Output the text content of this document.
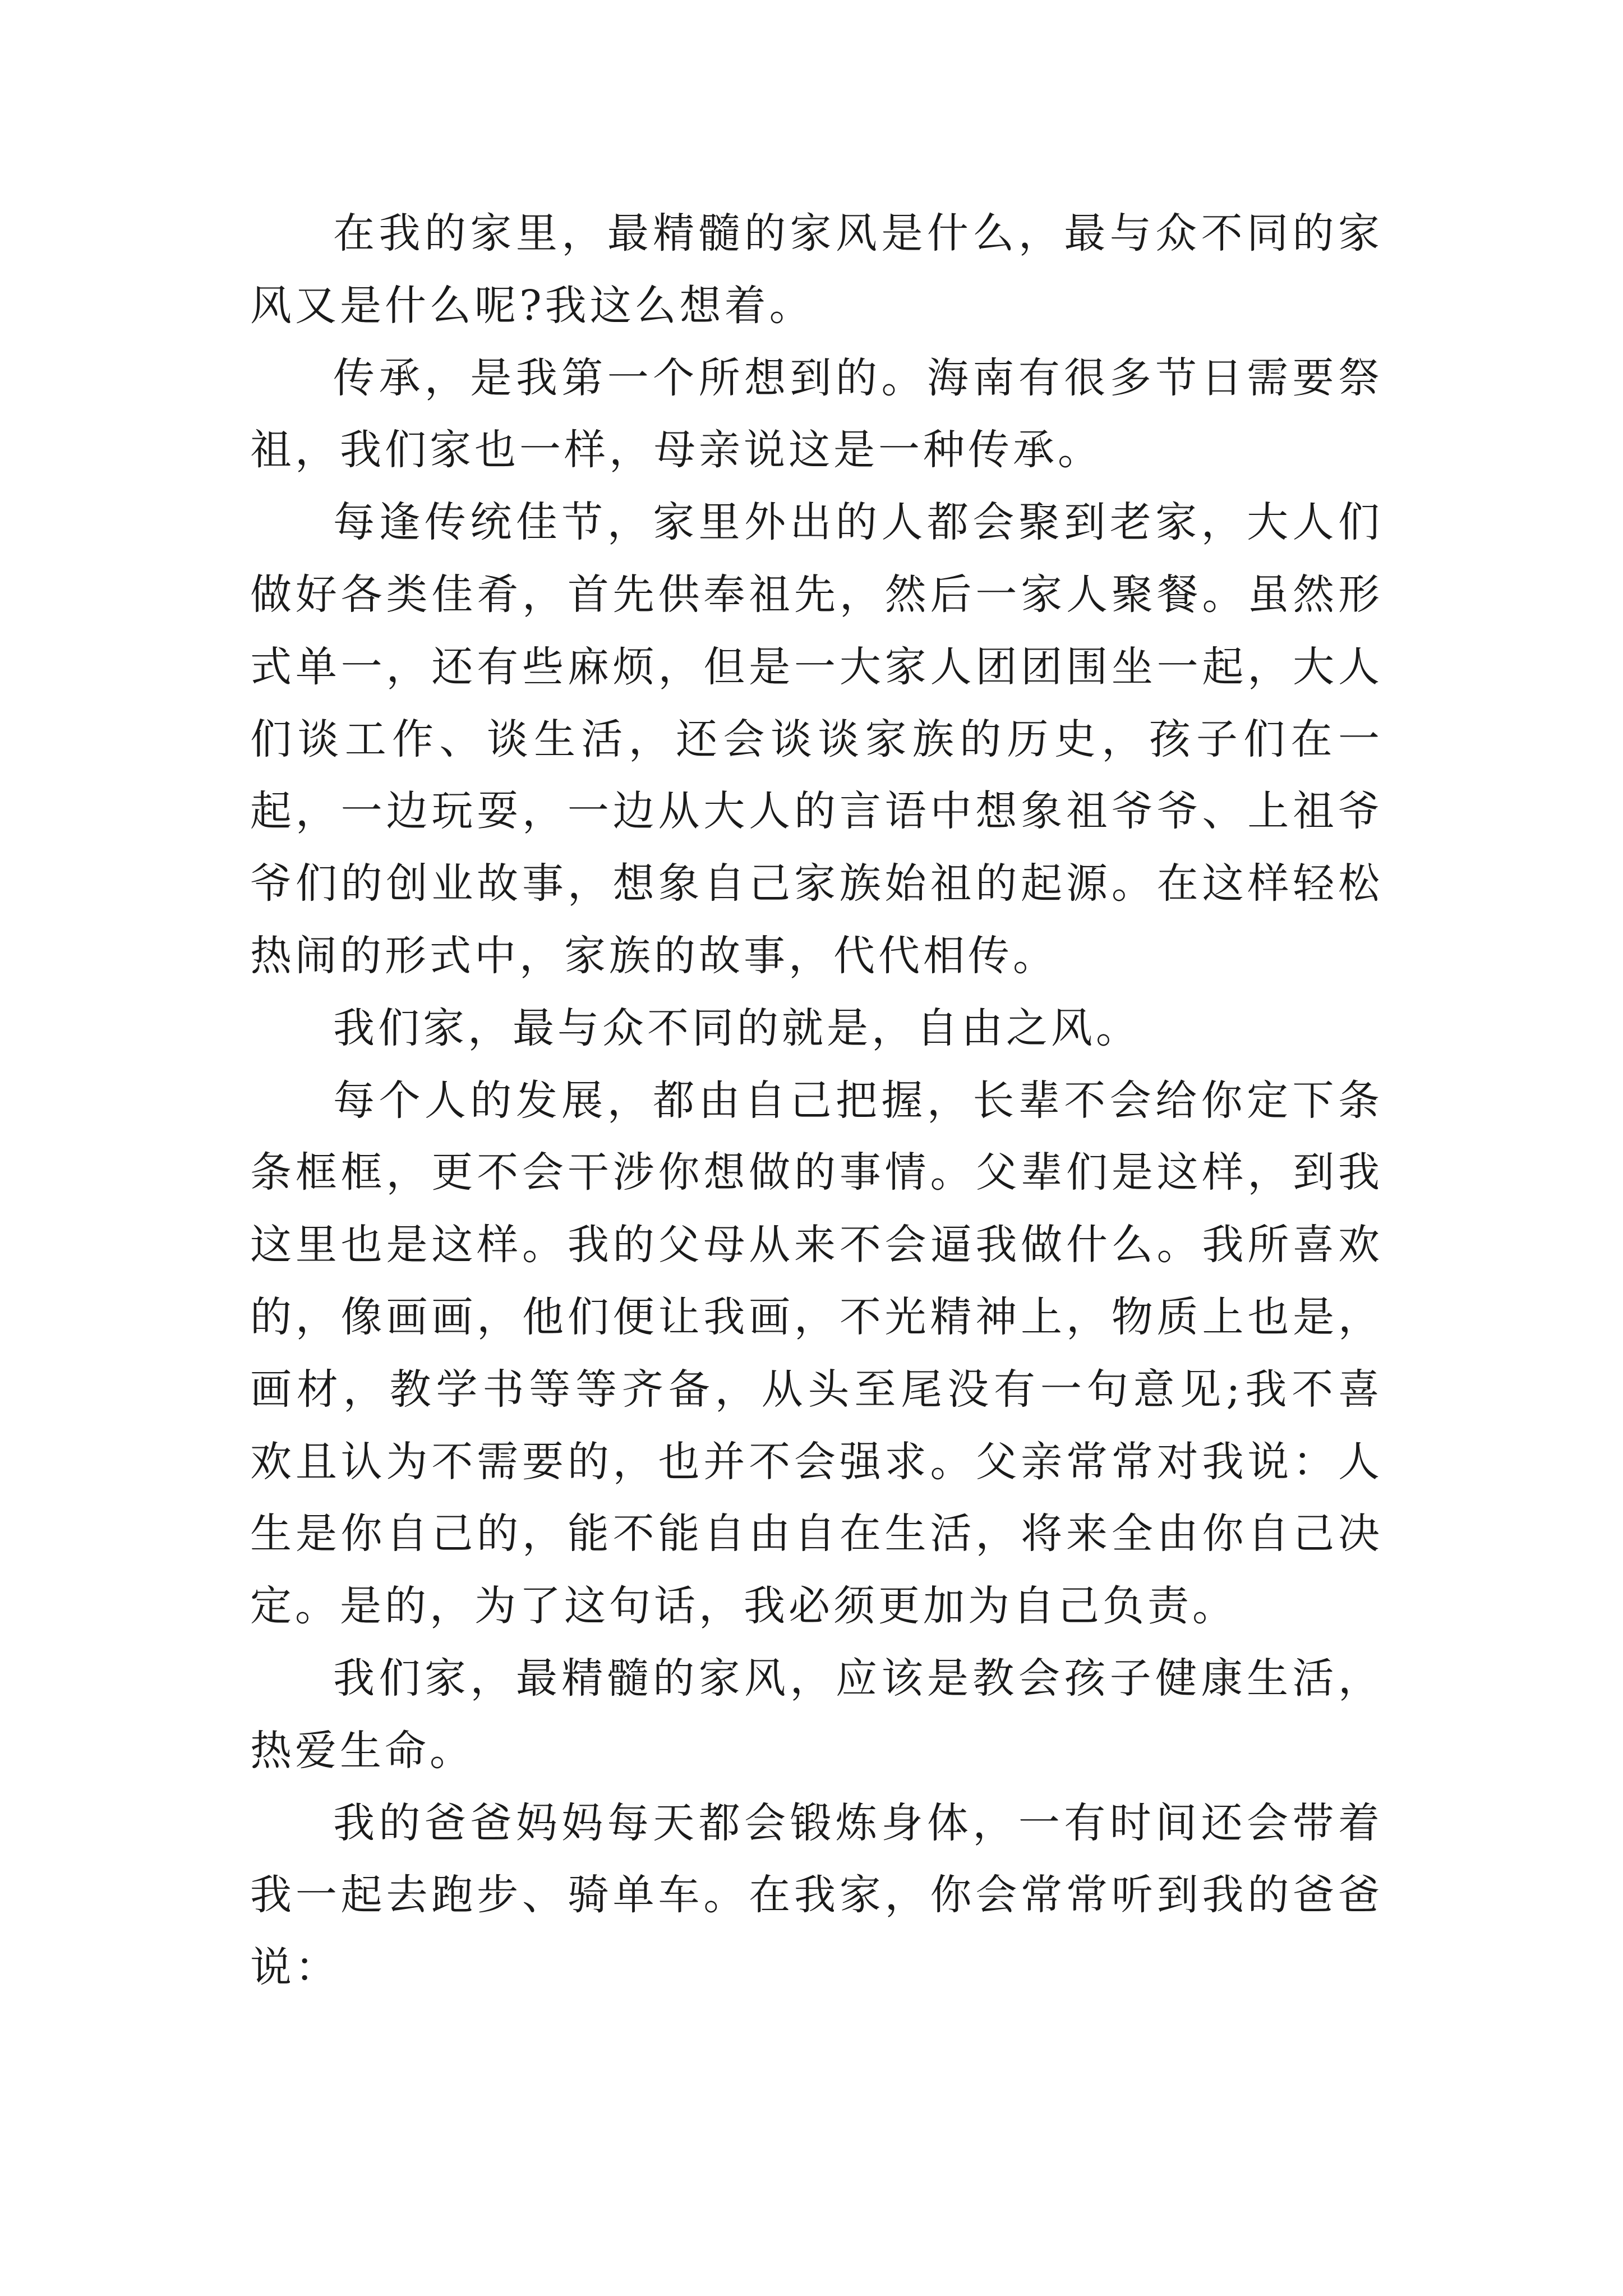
在我的家里，最精髓的家风是什么，最与众不同的家风又是什么呢?我这么想着。

传承，是我第一个所想到的。海南有很多节日需要祭祖，我们家也一样，母亲说这是一种传承。

每逢传统佳节，家里外出的人都会聚到老家，大人们做好各类佳肴，首先供奉祖先，然后一家人聚餐。虽然形式单一，还有些麻烦，但是一大家人团团围坐一起，大人们谈工作、谈生活，还会谈谈家族的历史，孩子们在一起，一边玩耍，一边从大人的言语中想象祖爷爷、上祖爷爷们的创业故事，想象自己家族始祖的起源。在这样轻松热闹的形式中，家族的故事，代代相传。

我们家，最与众不同的就是，自由之风。

每个人的发展，都由自己把握，长辈不会给你定下条条框框，更不会干涉你想做的事情。父辈们是这样，到我这里也是这样。我的父母从来不会逼我做什么。我所喜欢的，像画画，他们便让我画，不光精神上，物质上也是，画材，教学书等等齐备，从头至尾没有一句意见;我不喜欢且认为不需要的，也并不会强求。父亲常常对我说：人生是你自己的，能不能自由自在生活，将来全由你自己决定。是的，为了这句话，我必须更加为自己负责。

我们家，最精髓的家风，应该是教会孩子健康生活，热爱生命。

我的爸爸妈妈每天都会锻炼身体，一有时间还会带着我一起去跑步、骑单车。在我家，你会常常听到我的爸爸说：
